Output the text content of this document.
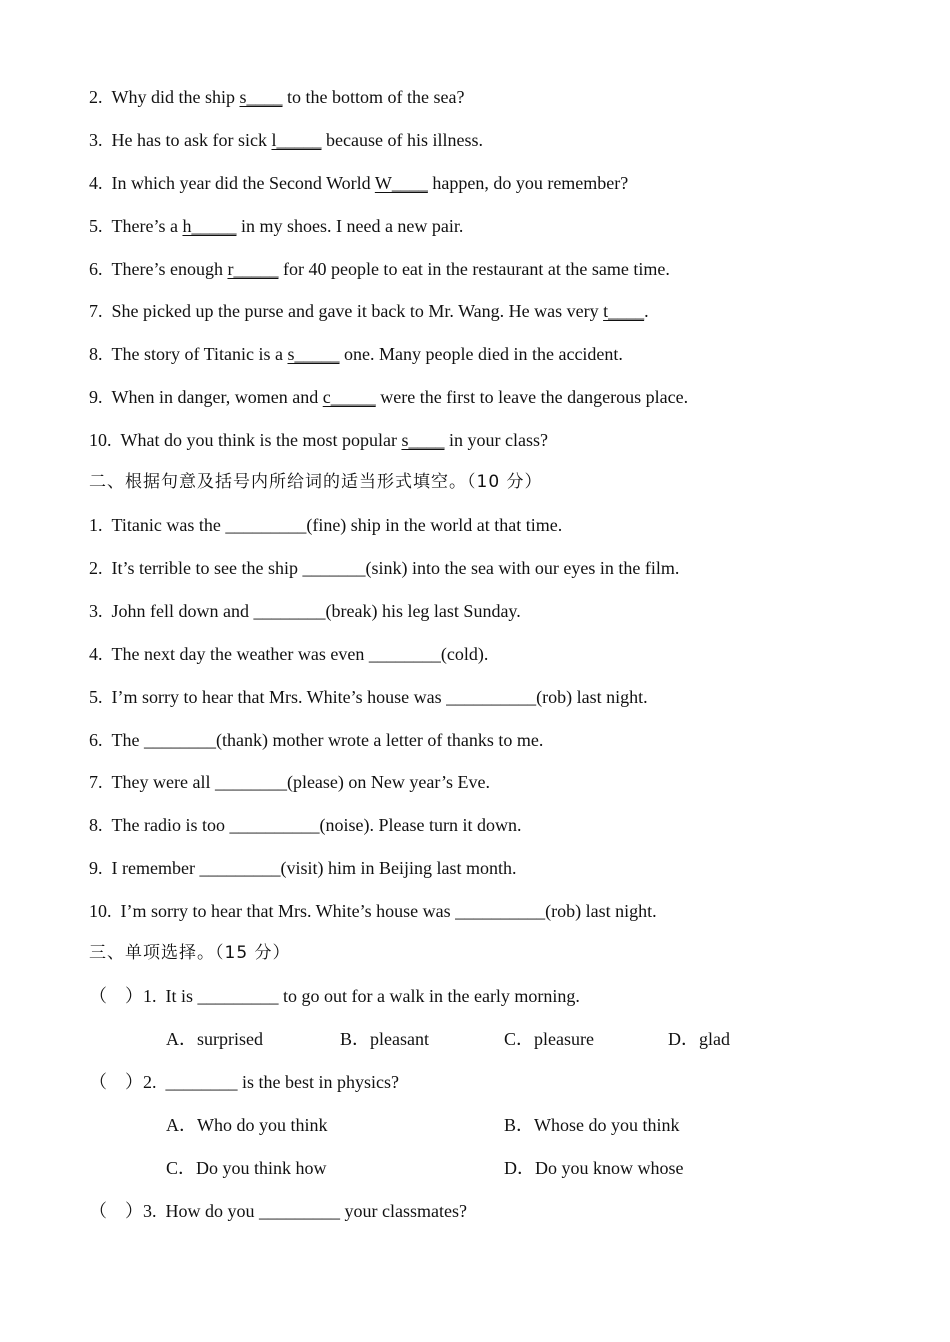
2.  Why did the ship s____ to the bottom of the sea?
3.  He has to ask for sick l_____ because of his illness.
4.  In which year did the Second World W____ happen, do you remember?
5.  There’s a h_____ in my shoes. I need a new pair.
6.  There’s enough r_____ for 40 people to eat in the restaurant at the same time.
7.  She picked up the purse and gave it back to Mr. Wang. He was very t____.
8.  The story of Titanic is a s_____ one. Many people died in the accident.
9.  When in danger, women and c_____ were the first to leave the dangerous place.
10.  What do you think is the most popular s____ in your class?
二、根据句意及括号内所给词的适当形式填空。（10 分）
1.  Titanic was the _________(fine) ship in the world at that time.
2.  It’s terrible to see the ship _______(sink) into the sea with our eyes in the film.
3.  John fell down and ________(break) his leg last Sunday.
4.  The next day the weather was even ________(cold).
5.  I’m sorry to hear that Mrs. White’s house was __________(rob) last night.
6.  The ________(thank) mother wrote a letter of thanks to me.
7.  They were all ________(please) on New year’s Eve.
8.  The radio is too __________(noise). Please turn it down.
9.  I remember _________(visit) him in Beijing last month.
10.  I’m sorry to hear that Mrs. White’s house was __________(rob) last night.
三、单项选择。（15 分）
（　）1.  It is _________ to go out for a walk in the early morning.
A．surprised	B．pleasant	C．pleasure	D．glad
（　）2.  ________ is the best in physics?
A．Who do you think	B．Whose do you think
C．Do you think how	D．Do you know whose
（　）3.  How do you _________ your classmates?
